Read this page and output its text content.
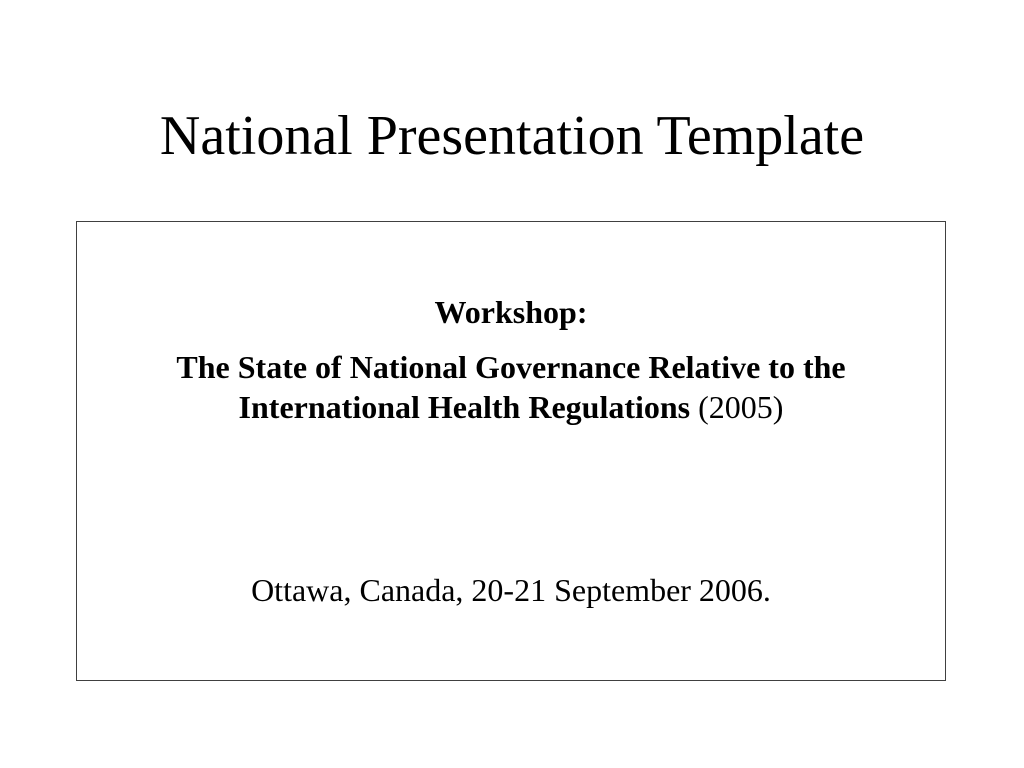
National Presentation Template
Workshop:
The State of National Governance Relative to the
International Health Regulations (2005)
Ottawa, Canada, 20-21 September 2006.
